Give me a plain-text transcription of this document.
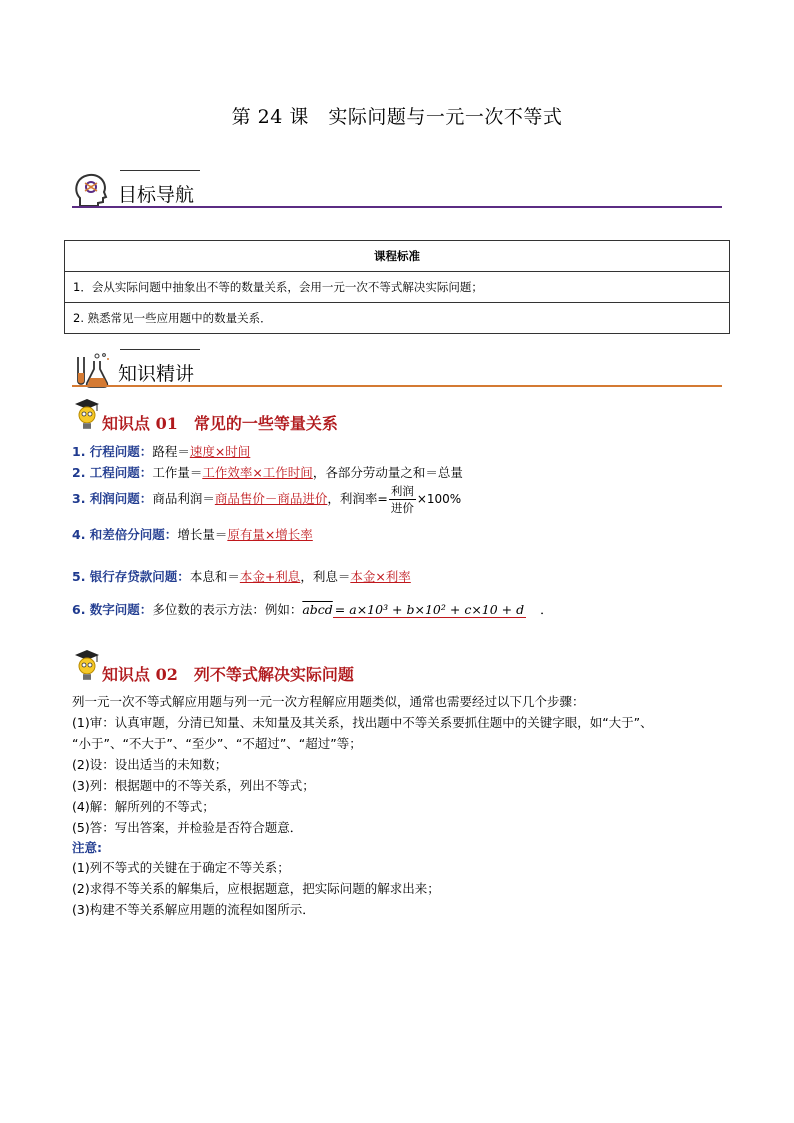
第 24 课　实际问题与一元一次不等式
目标导航
课程标准
1．会从实际问题中抽象出不等的数量关系，会用一元一次不等式解决实际问题；
2. 熟悉常见一些应用题中的数量关系．
知识精讲
知识点 01　常见的一些等量关系
1. 行程问题：路程＝速度×时间
2. 工程问题：工作量＝工作效率×工作时间，各部分劳动量之和＝总量
3. 利润问题：商品利润＝商品售价－商品进价，利润率= $\frac{\text{利润}}{\text{进价}} \times 100\%$
4. 和差倍分问题：增长量＝原有量×增长率
5. 银行存贷款问题：本息和＝本金+利息，利息＝本金×利率
6. 数字问题：多位数的表示方法：例如：abcd = a×10³ + b×10² + c×10 + d ．
知识点 02　列不等式解决实际问题
列一元一次不等式解应用题与列一元一次方程解应用题类似，通常也需要经过以下几个步骤：
(1)审：认真审题，分清已知量、未知量及其关系，找出题中不等关系要抓住题中的关键字眼，如“大于”、
“小于”、“不大于”、“至少”、“不超过”、“超过”等；
(2)设：设出适当的未知数；
(3)列：根据题中的不等关系，列出不等式；
(4)解：解所列的不等式；
(5)答：写出答案，并检验是否符合题意．
注意:
(1)列不等式的关键在于确定不等关系；
(2)求得不等关系的解集后，应根据题意，把实际问题的解求出来；
(3)构建不等关系解应用题的流程如图所示．
